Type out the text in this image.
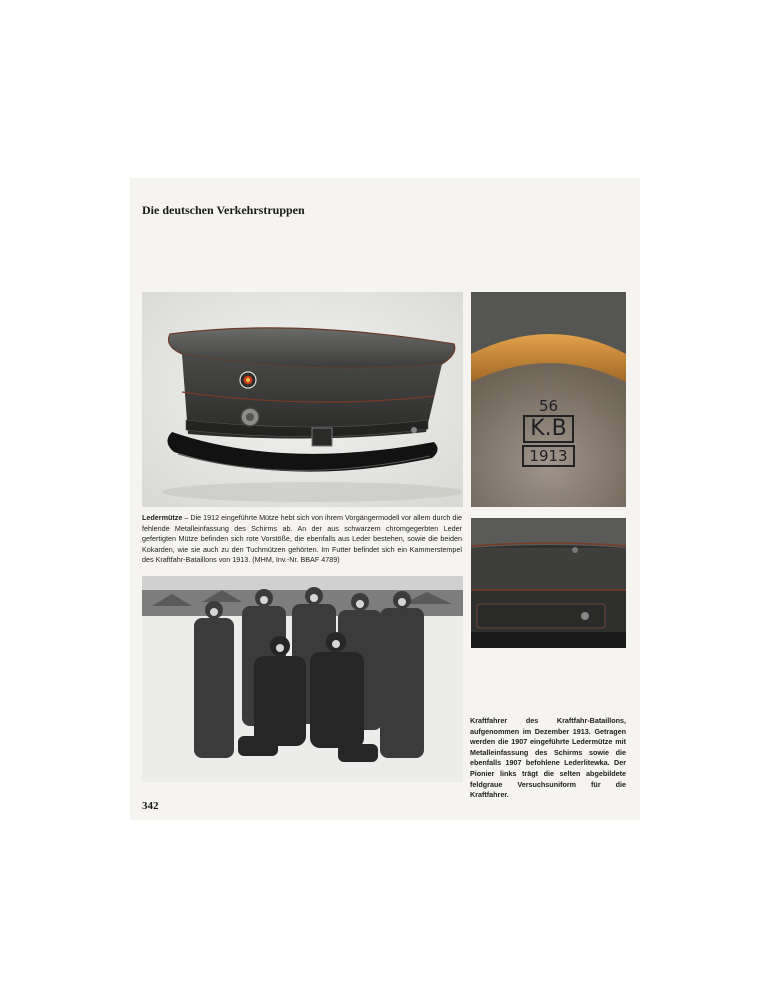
Die deutschen Verkehrstruppen
56
K.B
1913

Ledermütze – Die 1912 eingeführte Mütze hebt sich von ihrem Vorgängermodell vor allem durch die fehlende Metalleinfassung des Schirms ab. An der aus schwarzem chromgegerbten Leder gefertigten Mütze befinden sich rote Vorstöße, die ebenfalls aus Leder bestehen, sowie die beiden Kokarden, wie sie auch zu den Tuchmützen gehörten. Im Futter befindet sich ein Kammerstempel des Kraftfahr-Bataillons von 1913. (MHM, Inv.-Nr. BBAF 4789)

Kraftfahrer des Kraftfahr-Bataillons, aufgenommen im Dezember 1913. Getragen werden die 1907 eingeführte Ledermütze mit Metalleinfassung des Schirms sowie die ebenfalls 1907 befohlene Lederlitewka. Der Pionier links trägt die selten abgebildete feldgraue Versuchsuniform für die Kraftfahrer.

342
